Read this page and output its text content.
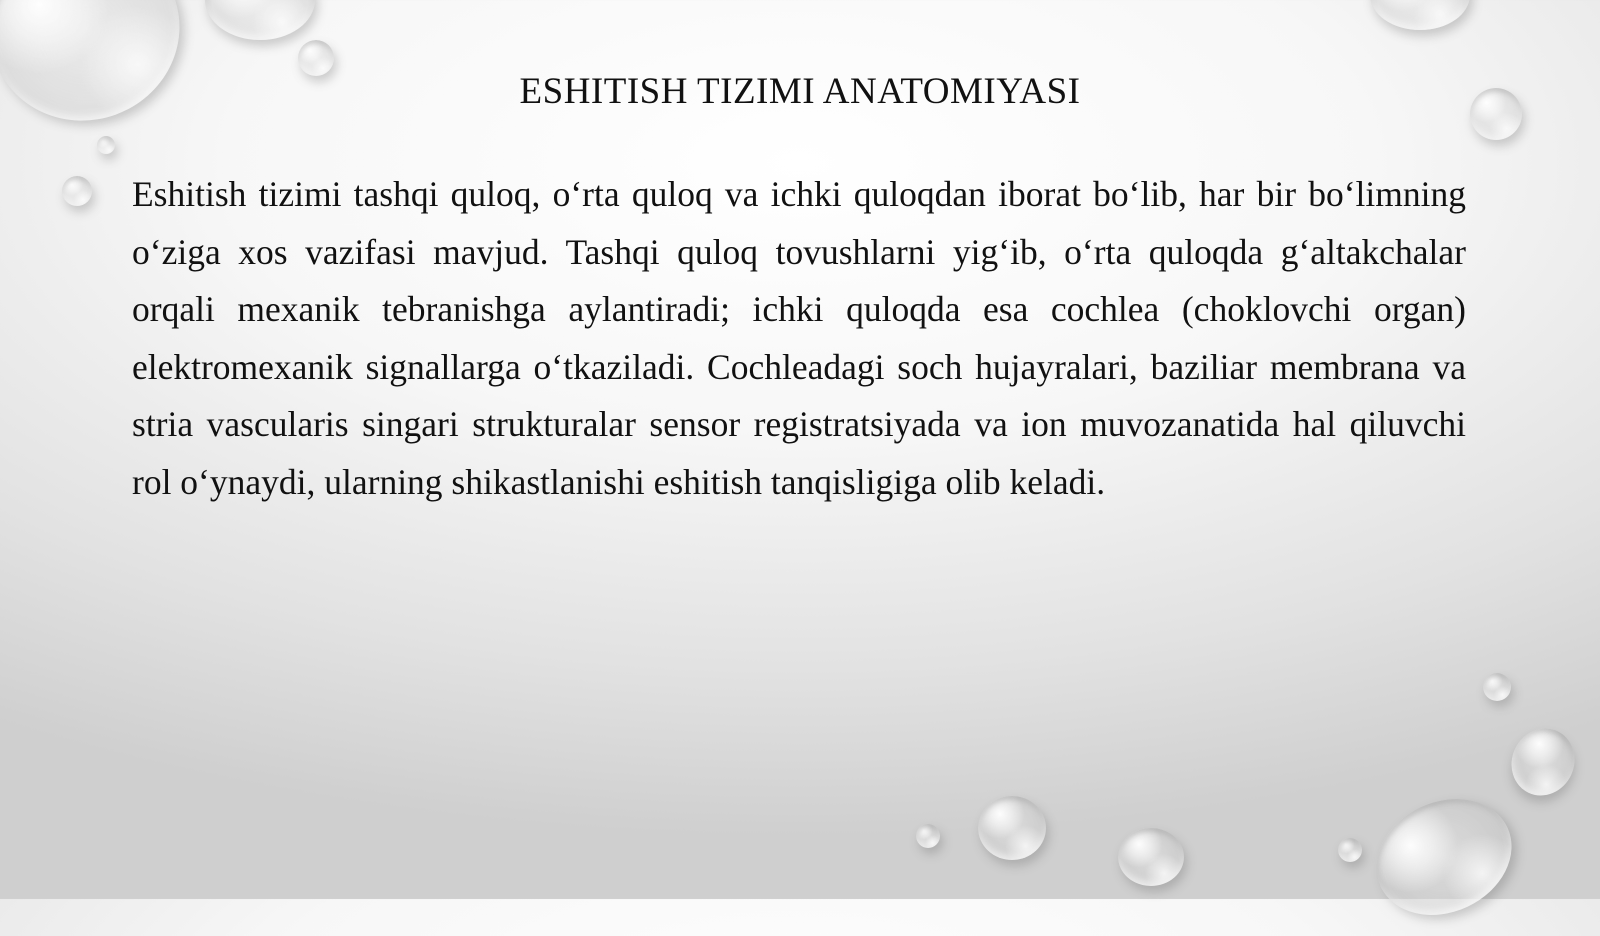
ESHITISH TIZIMI ANATOMIYASI

Eshitish tizimi tashqi quloq, o‘rta quloq va ichki quloqdan iborat bo‘lib, har bir bo‘limning o‘ziga xos vazifasi mavjud. Tashqi quloq tovushlarni yig‘ib, o‘rta quloqda g‘altakchalar orqali mexanik tebranishga aylantiradi; ichki quloqda esa cochlea (choklovchi organ) elektromexanik signallarga o‘tkaziladi. Cochleadagi soch hujayralari, baziliar membrana va stria vascularis singari strukturalar sensor registratsiyada va ion muvozanatida hal qiluvchi rol o‘ynaydi, ularning shikastlanishi eshitish tanqisligiga olib keladi.
